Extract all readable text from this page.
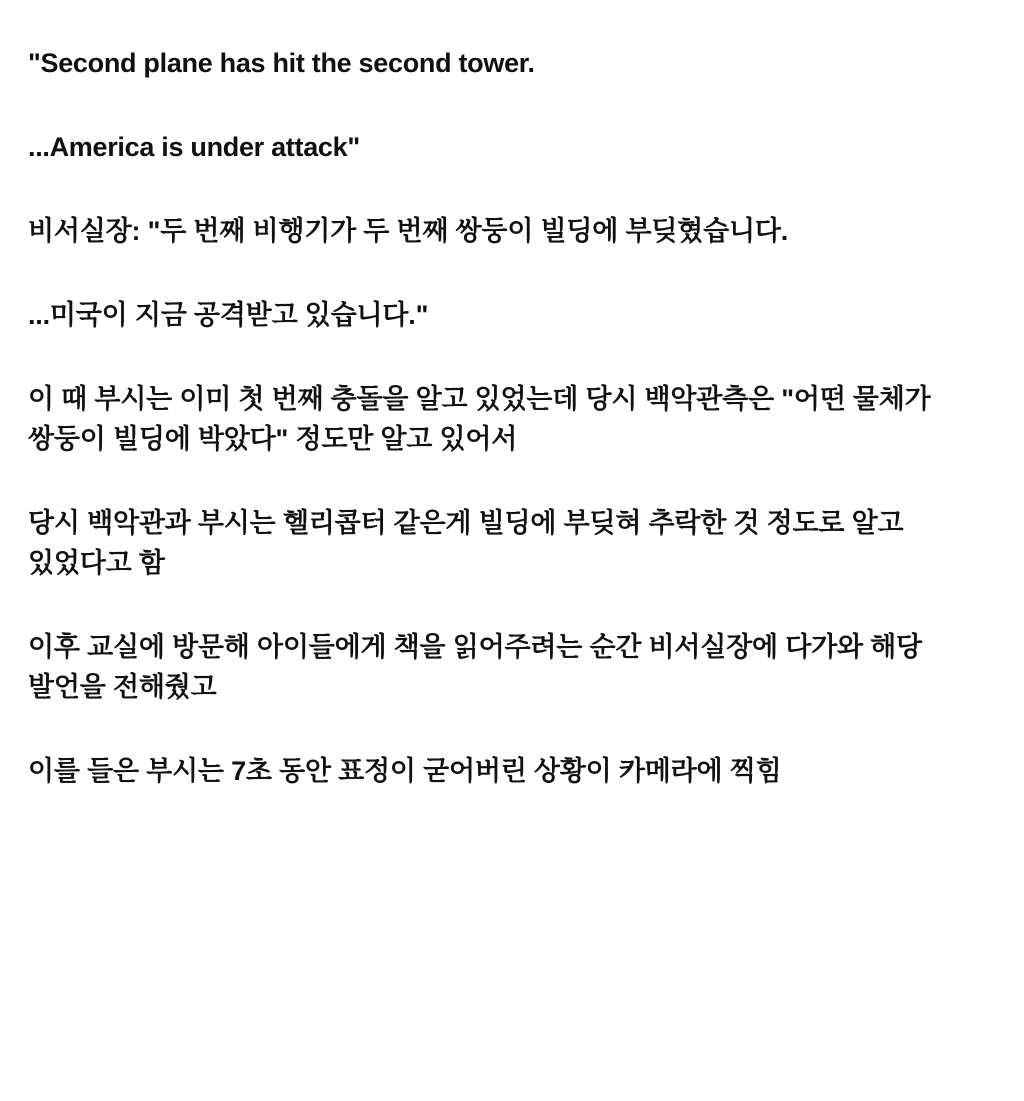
"Second plane has hit the second tower.

...America is under attack"

비서실장: "두 번째 비행기가 두 번째 쌍둥이 빌딩에 부딪혔습니다.

...미국이 지금 공격받고 있습니다."

이 때 부시는 이미 첫 번째 충돌을 알고 있었는데 당시 백악관측은 "어떤 물체가 쌍둥이 빌딩에 박았다" 정도만 알고 있어서

당시 백악관과 부시는 헬리콥터 같은게 빌딩에 부딪혀 추락한 것 정도로 알고 있었다고 함

이후 교실에 방문해 아이들에게 책을 읽어주려는 순간 비서실장에 다가와 해당 발언을 전해줬고

이를 들은 부시는 7초 동안 표정이 굳어버린 상황이 카메라에 찍힘
